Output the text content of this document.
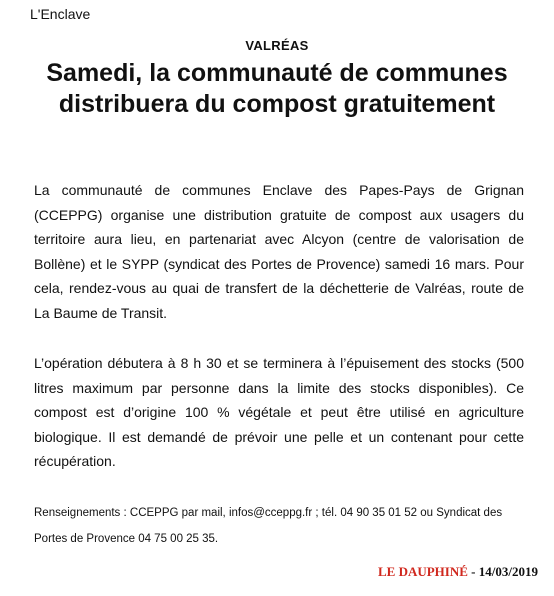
L'Enclave
VALRÉAS
Samedi, la communauté de communes distribuera du compost gratuitement

La communauté de communes Enclave des Papes-Pays de Grignan (CCEPPG) organise une distribution gratuite de compost aux usagers du territoire aura lieu, en partenariat avec Alcyon (centre de valorisation de Bollène) et le SYPP (syndicat des Portes de Provence) samedi 16 mars. Pour cela, rendez-vous au quai de transfert de la déchetterie de Valréas, route de La Baume de Transit.

L’opération débutera à 8 h 30 et se terminera à l’épuisement des stocks (500 litres maximum par personne dans la limite des stocks disponibles). Ce compost est d’origine 100 % végétale et peut être utilisé en agriculture biologique. Il est demandé de prévoir une pelle et un contenant pour cette récupération.

Renseignements : CCEPPG par mail, infos@cceppg.fr ; tél. 04 90 35 01 52 ou Syndicat des Portes de Provence 04 75 00 25 35.

LE DAUPHINÉ - 14/03/2019
